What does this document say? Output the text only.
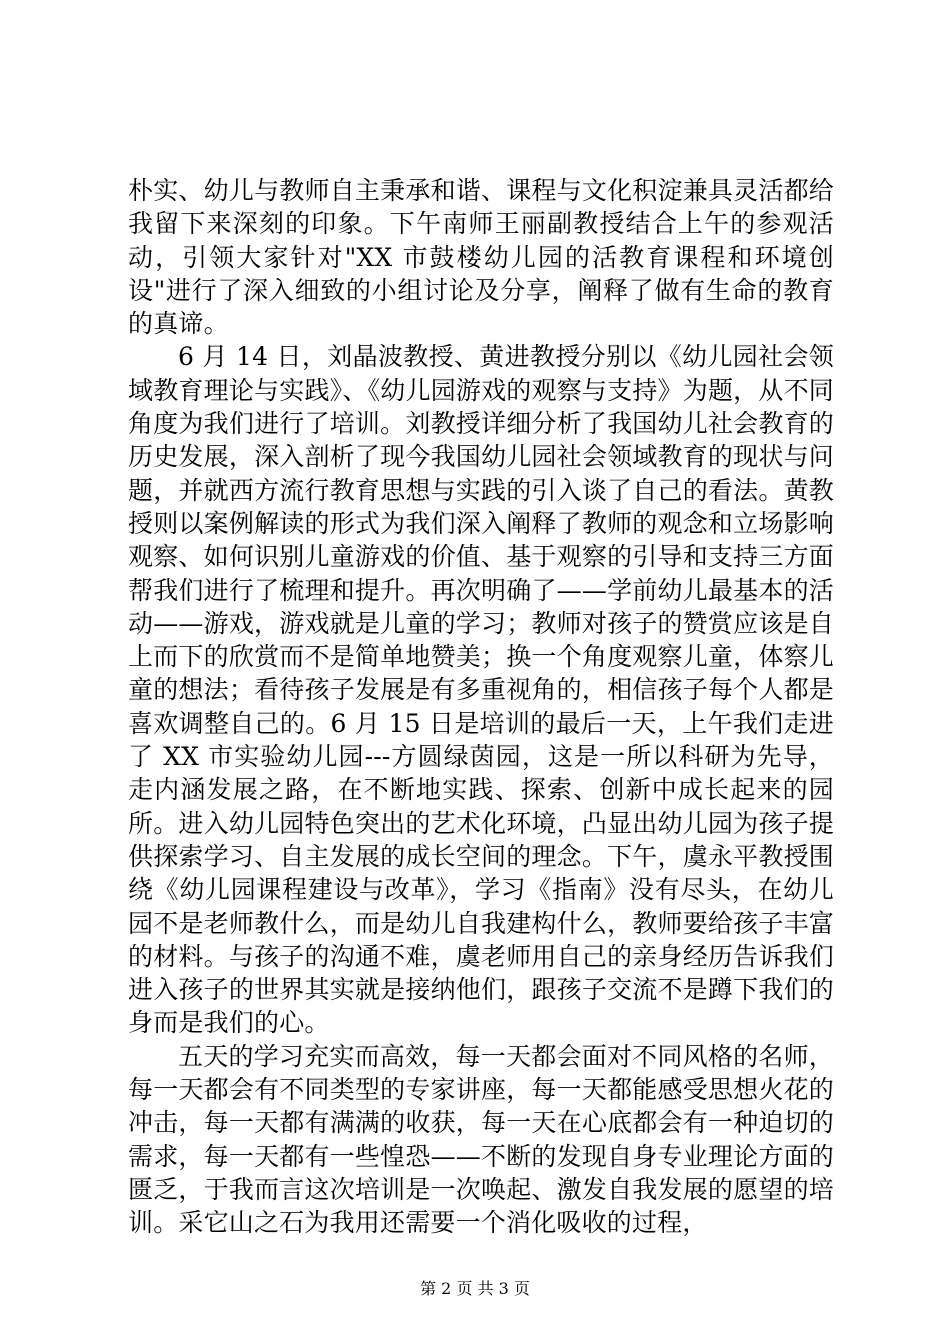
朴实、幼儿与教师自主秉承和谐、课程与文化积淀兼具灵活都给我留下来深刻的印象。下午南师王丽副教授结合上午的参观活动，引领大家针对"XX 市鼓楼幼儿园的活教育课程和环境创设"进行了深入细致的小组讨论及分享，阐释了做有生命的教育的真谛。

6 月 14 日，刘晶波教授、黄进教授分别以《幼儿园社会领域教育理论与实践》、《幼儿园游戏的观察与支持》为题，从不同角度为我们进行了培训。刘教授详细分析了我国幼儿社会教育的历史发展，深入剖析了现今我国幼儿园社会领域教育的现状与问题，并就西方流行教育思想与实践的引入谈了自己的看法。黄教授则以案例解读的形式为我们深入阐释了教师的观念和立场影响观察、如何识别儿童游戏的价值、基于观察的引导和支持三方面帮我们进行了梳理和提升。再次明确了——学前幼儿最基本的活动——游戏，游戏就是儿童的学习；教师对孩子的赞赏应该是自上而下的欣赏而不是简单地赞美；换一个角度观察儿童，体察儿童的想法；看待孩子发展是有多重视角的，相信孩子每个人都是喜欢调整自己的。6 月 15 日是培训的最后一天，上午我们走进了 XX 市实验幼儿园---方圆绿茵园，这是一所以科研为先导，走内涵发展之路，在不断地实践、探索、创新中成长起来的园所。进入幼儿园特色突出的艺术化环境，凸显出幼儿园为孩子提供探索学习、自主发展的成长空间的理念。下午，虞永平教授围绕《幼儿园课程建设与改革》，学习《指南》没有尽头，在幼儿园不是老师教什么，而是幼儿自我建构什么，教师要给孩子丰富的材料。与孩子的沟通不难，虞老师用自己的亲身经历告诉我们进入孩子的世界其实就是接纳他们，跟孩子交流不是蹲下我们的身而是我们的心。

五天的学习充实而高效，每一天都会面对不同风格的名师，每一天都会有不同类型的专家讲座，每一天都能感受思想火花的冲击，每一天都有满满的收获，每一天在心底都会有一种迫切的需求，每一天都有一些惶恐——不断的发现自身专业理论方面的匮乏，于我而言这次培训是一次唤起、激发自我发展的愿望的培训。采它山之石为我用还需要一个消化吸收的过程，

第 2 页 共 3 页
